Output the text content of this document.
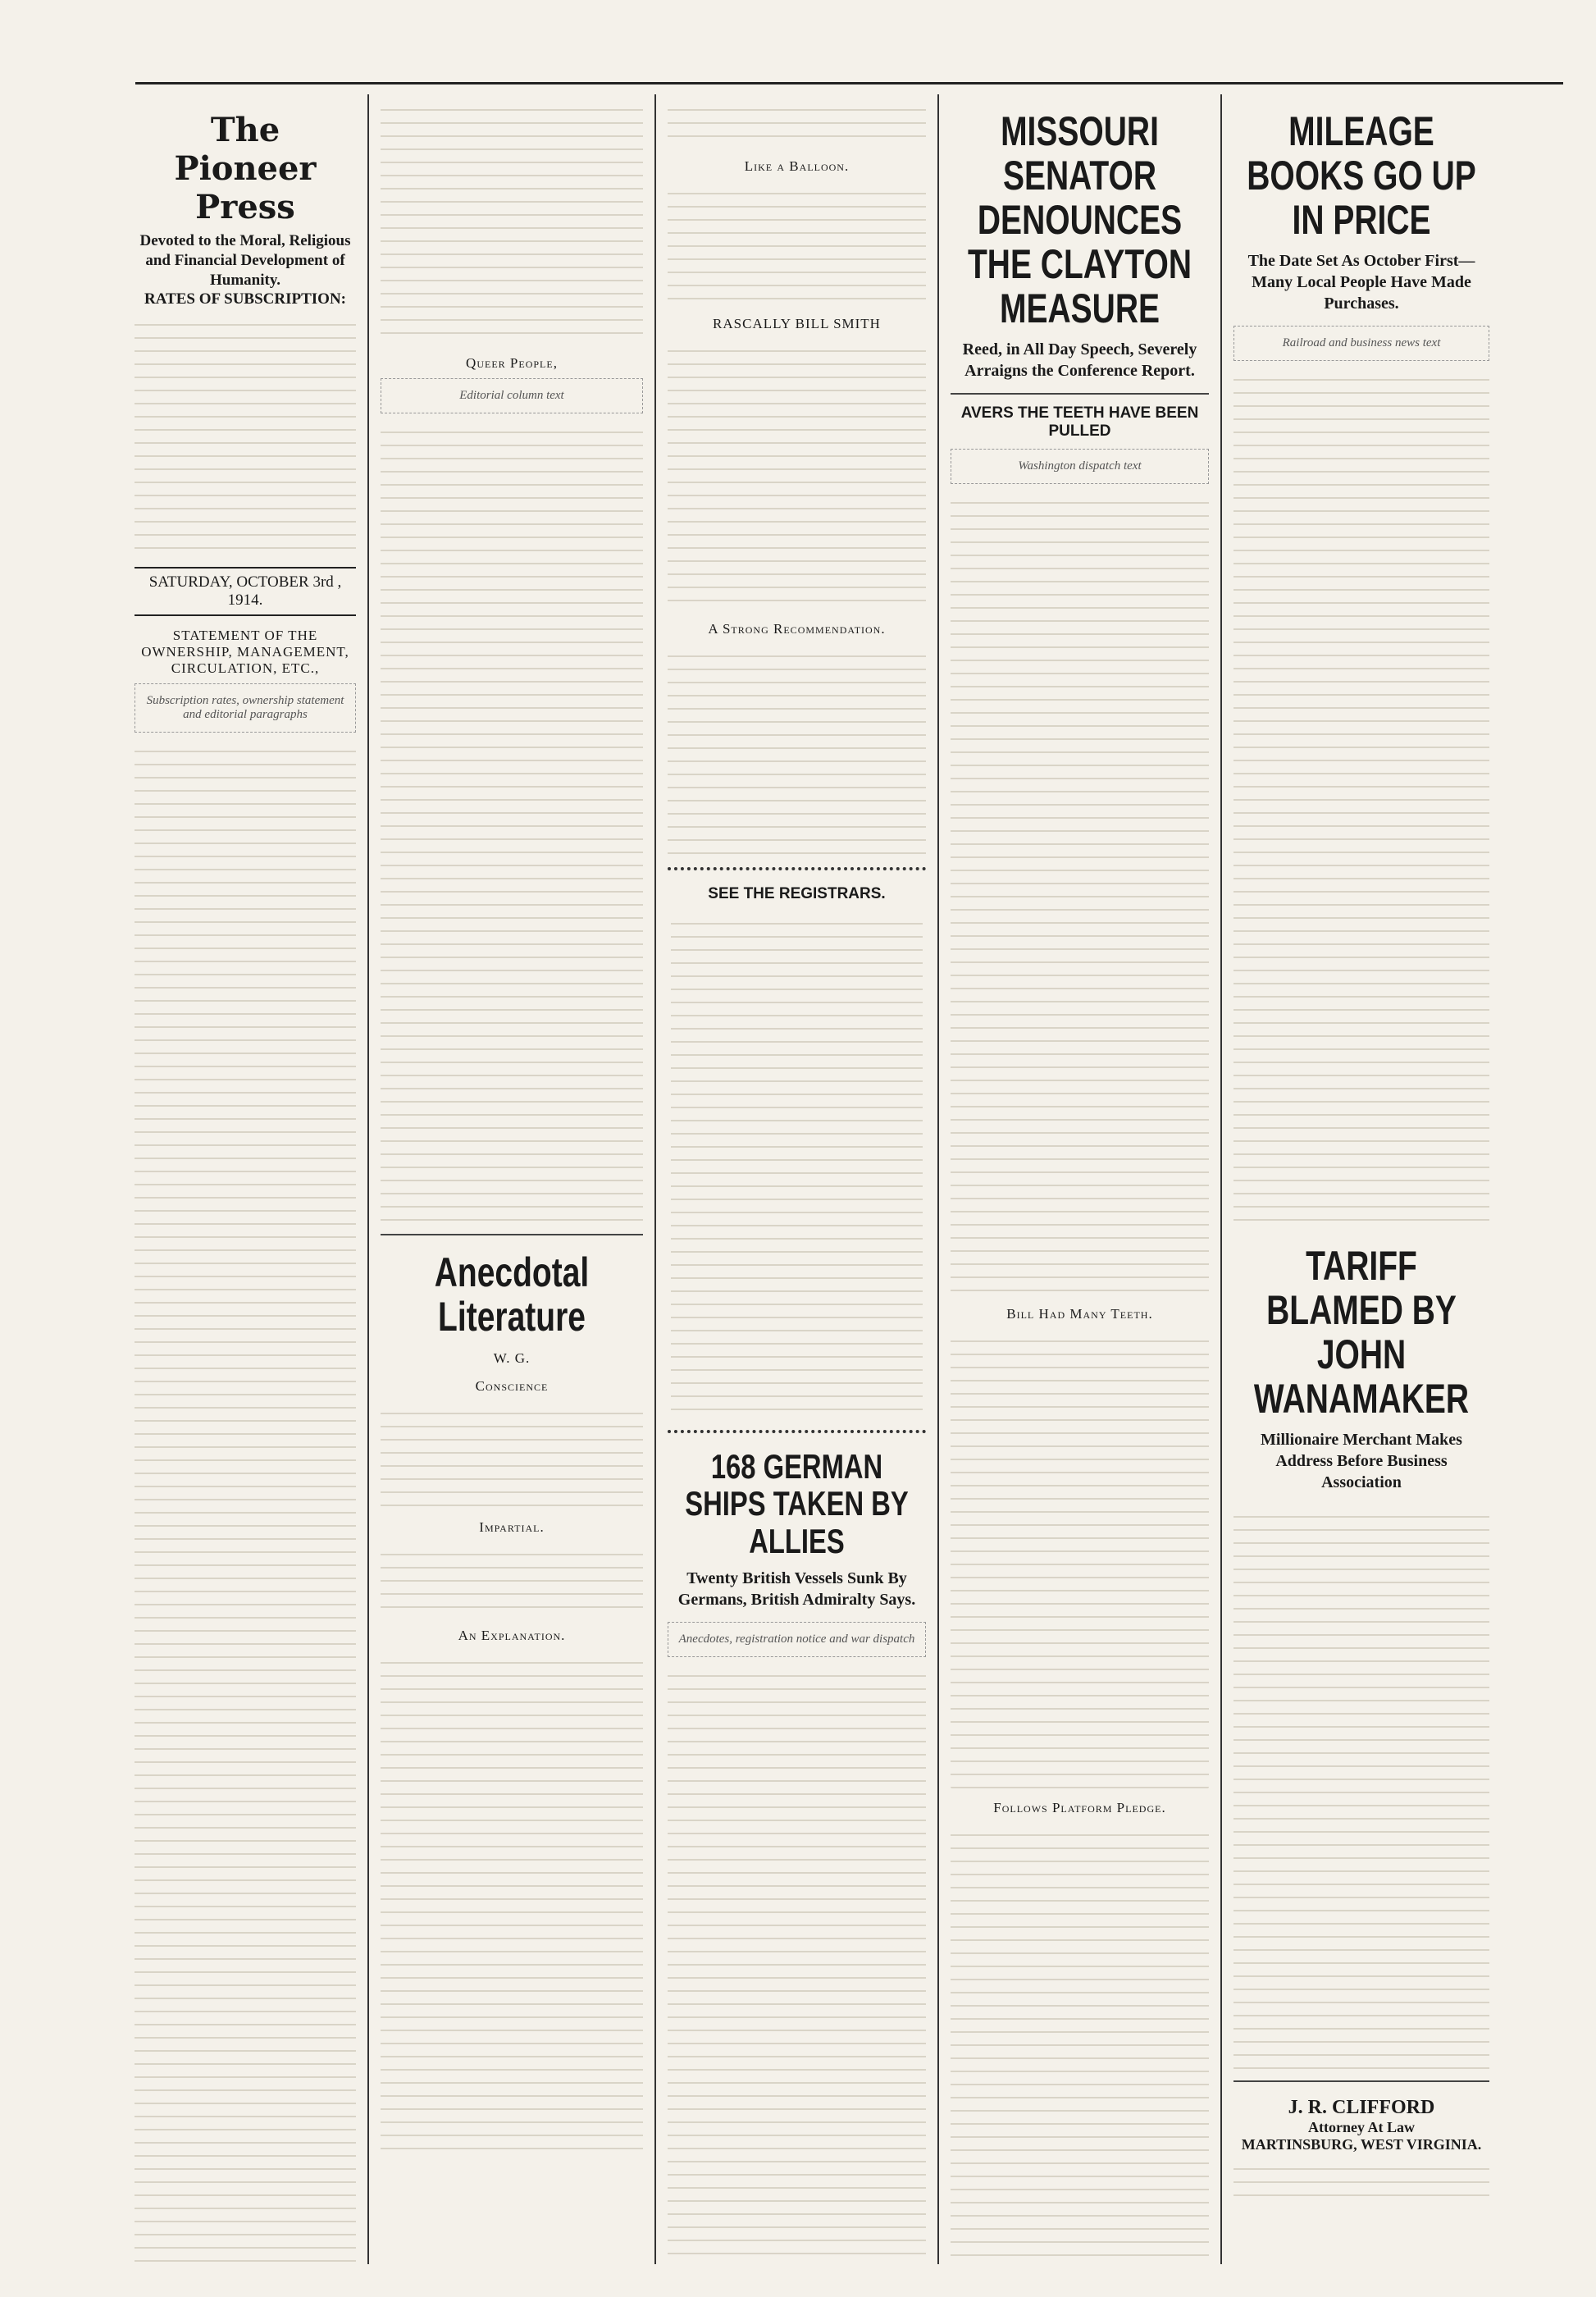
The Pioneer Press
Devoted to the Moral, Religious and Financial Development of Humanity.
RATES OF SUBSCRIPTION:
SATURDAY, OCTOBER 3rd , 1914.
STATEMENT OF THE OWNERSHIP, MANAGEMENT, CIRCULATION, ETC.,
Subscription rates, ownership statement and editorial paragraphs
Queer People,
Editorial column text
Anecdotal Literature
W. G.
Conscience
Impartial.
An Explanation.
Like a Balloon.
RASCALLY BILL SMITH
A Strong Recommendation.
SEE THE REGISTRARS.
168 GERMAN SHIPS TAKEN BY ALLIES
Twenty British Vessels Sunk By Germans, British Admiralty Says.
Anecdotes, registration notice and war dispatch
MISSOURI SENATOR DENOUNCES THE CLAYTON MEASURE
Reed, in All Day Speech, Severely Arraigns the Conference Report.
AVERS THE TEETH HAVE BEEN PULLED
Washington dispatch text
Bill Had Many Teeth.
Follows Platform Pledge.
MILEAGE BOOKS GO UP IN PRICE
The Date Set As October First— Many Local People Have Made Purchases.
Railroad and business news text
TARIFF BLAMED BY JOHN WANAMAKER
Millionaire Merchant Makes Address Before Business Association
J. R. CLIFFORD
Attorney At Law
MARTINSBURG, WEST VIRGINIA.
